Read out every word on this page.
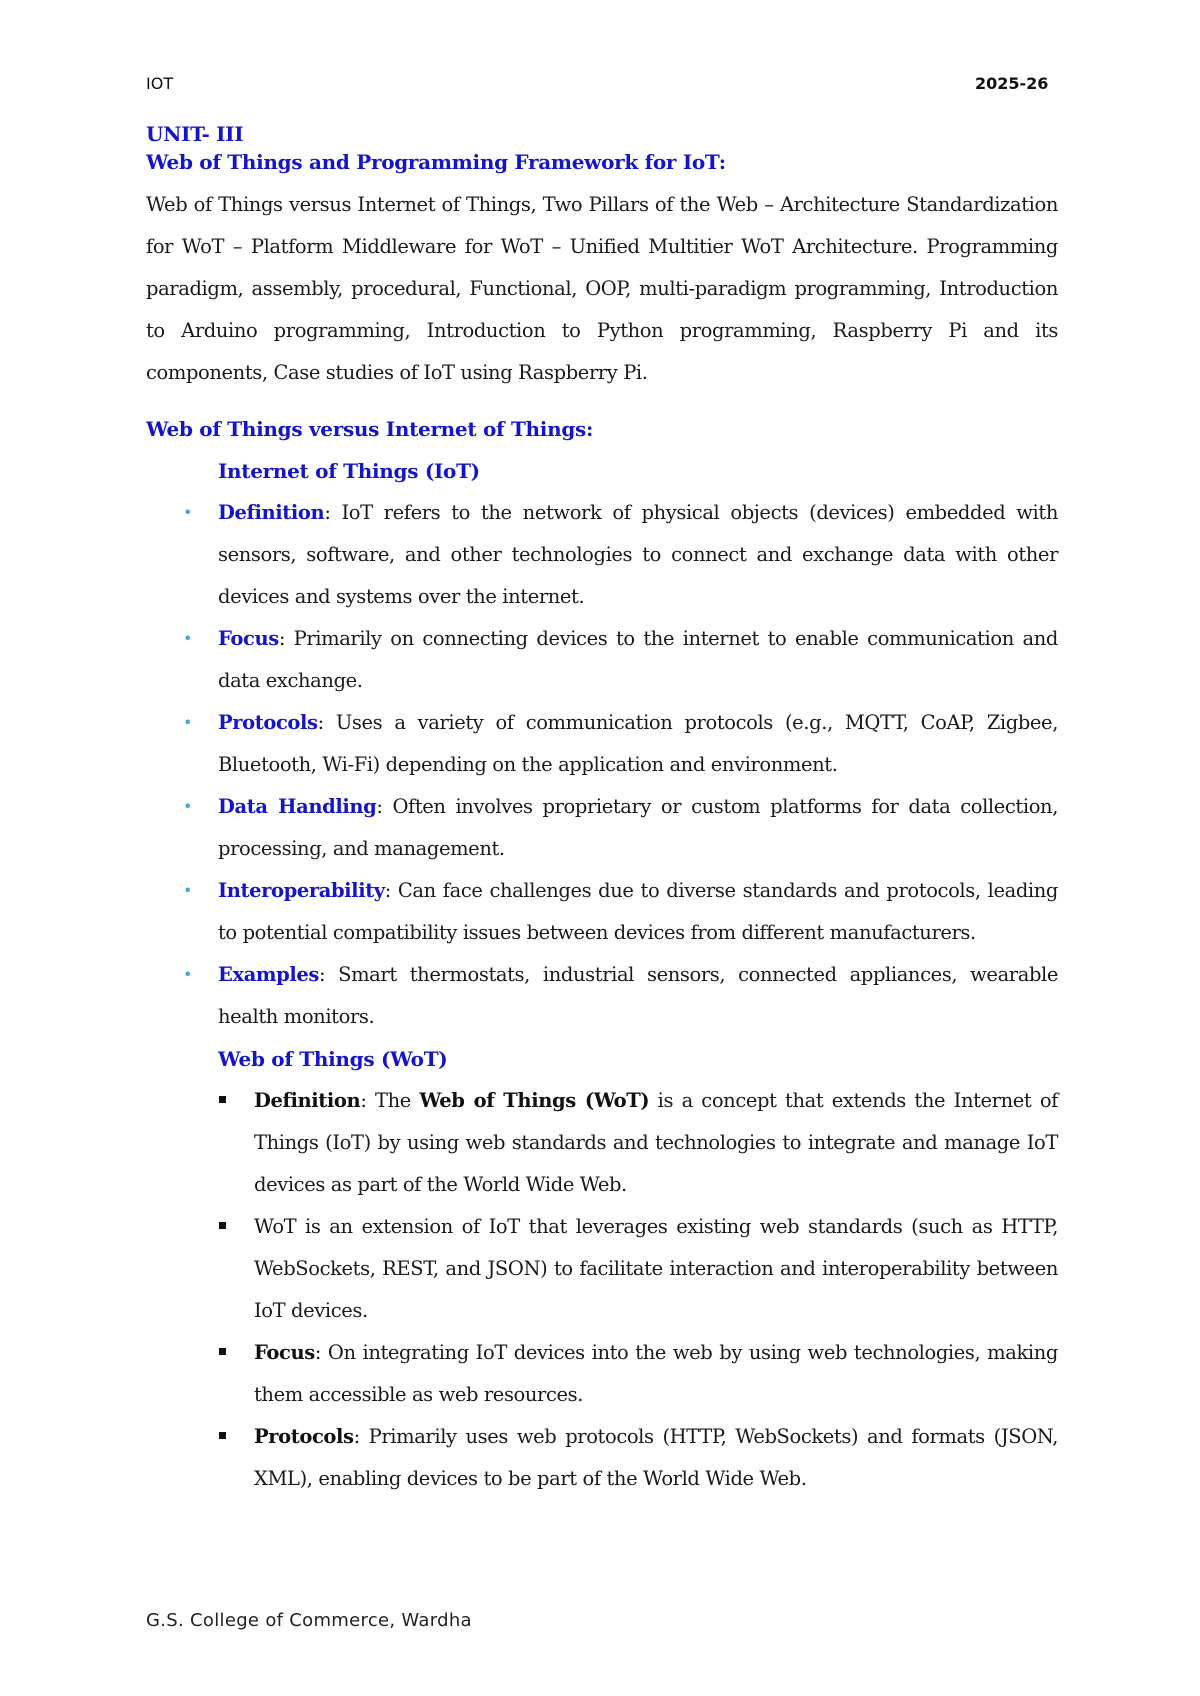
IOT	2025-26
UNIT- III
Web of Things and Programming Framework for IoT:
Web of Things versus Internet of Things, Two Pillars of the Web – Architecture Standardization for WoT – Platform Middleware for WoT – Unified Multitier WoT Architecture. Programming paradigm, assembly, procedural, Functional, OOP, multi-paradigm programming, Introduction to Arduino programming, Introduction to Python programming, Raspberry Pi and its components, Case studies of IoT using Raspberry Pi.
Web of Things versus Internet of Things:
Internet of Things (IoT)
• Definition: IoT refers to the network of physical objects (devices) embedded with sensors, software, and other technologies to connect and exchange data with other devices and systems over the internet.
• Focus: Primarily on connecting devices to the internet to enable communication and data exchange.
• Protocols: Uses a variety of communication protocols (e.g., MQTT, CoAP, Zigbee, Bluetooth, Wi-Fi) depending on the application and environment.
• Data Handling: Often involves proprietary or custom platforms for data collection, processing, and management.
• Interoperability: Can face challenges due to diverse standards and protocols, leading to potential compatibility issues between devices from different manufacturers.
• Examples: Smart thermostats, industrial sensors, connected appliances, wearable health monitors.
Web of Things (WoT)
Definition: The Web of Things (WoT) is a concept that extends the Internet of Things (IoT) by using web standards and technologies to integrate and manage IoT devices as part of the World Wide Web.
WoT is an extension of IoT that leverages existing web standards (such as HTTP, WebSockets, REST, and JSON) to facilitate interaction and interoperability between IoT devices.
Focus: On integrating IoT devices into the web by using web technologies, making them accessible as web resources.
Protocols: Primarily uses web protocols (HTTP, WebSockets) and formats (JSON, XML), enabling devices to be part of the World Wide Web.
G.S. College of Commerce, Wardha
